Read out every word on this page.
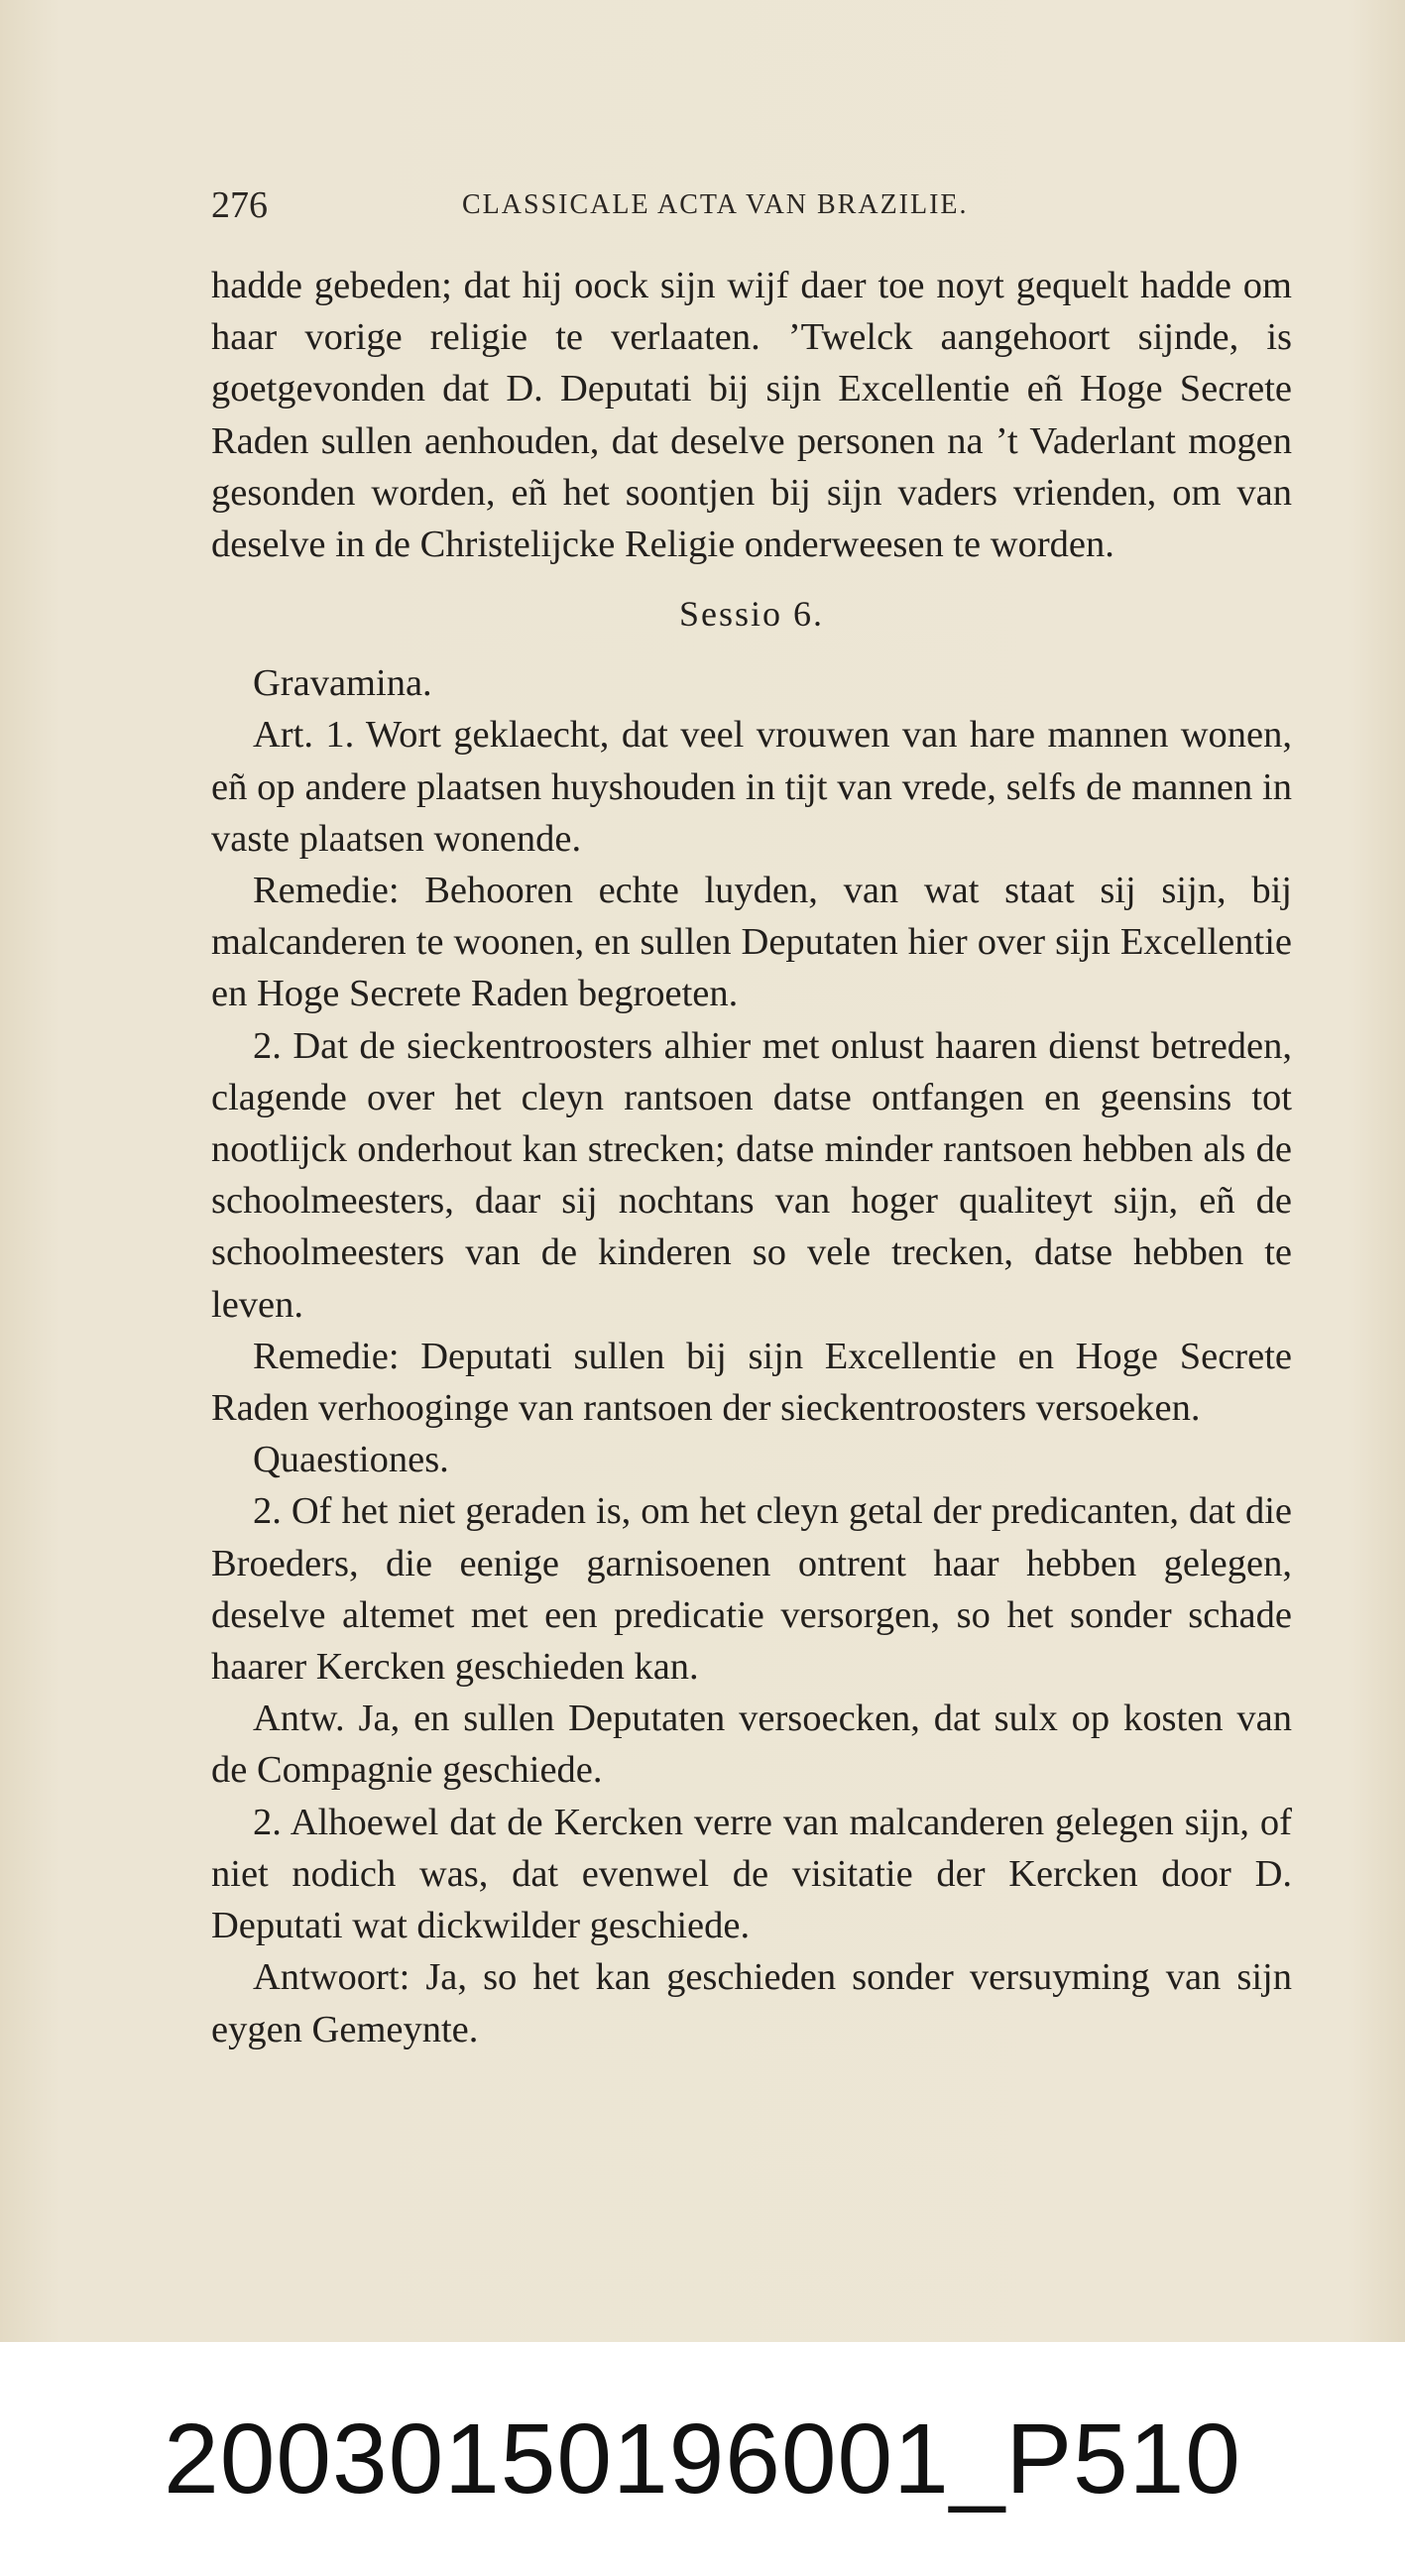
276	CLASSICALE ACTA VAN BRAZILIE.

hadde gebeden; dat hij oock sijn wijf daer toe noyt gequelt hadde om haar vorige religie te verlaaten. ’Twelck aangehoort sijnde, is goetgevonden dat D. Deputati bij sijn Excellentie eñ Hoge Secrete Raden sullen aenhouden, dat deselve personen na ’t Vaderlant mogen gesonden worden, eñ het soontjen bij sijn vaders vrienden, om van deselve in de Christelijcke Religie onderweesen te worden.

Sessio 6.

Gravamina.

Art. 1. Wort geklaecht, dat veel vrouwen van hare mannen wonen, eñ op andere plaatsen huyshouden in tijt van vrede, selfs de mannen in vaste plaatsen wonende.

Remedie: Behooren echte luyden, van wat staat sij sijn, bij malcanderen te woonen, en sullen Deputaten hier over sijn Excellentie en Hoge Secrete Raden begroeten.

2. Dat de sieckentroosters alhier met onlust haaren dienst betreden, clagende over het cleyn rantsoen datse ontfangen en geensins tot nootlijck onderhout kan strecken; datse minder rantsoen hebben als de schoolmeesters, daar sij nochtans van hoger qualiteyt sijn, eñ de schoolmeesters van de kinderen so vele trecken, datse hebben te leven.

Remedie: Deputati sullen bij sijn Excellentie en Hoge Secrete Raden verhooginge van rantsoen der sieckentroosters versoeken.

Quaestiones.

2. Of het niet geraden is, om het cleyn getal der predicanten, dat die Broeders, die eenige garnisoenen ontrent haar hebben gelegen, deselve altemet met een predicatie versorgen, so het sonder schade haarer Kercken geschieden kan.

Antw. Ja, en sullen Deputaten versoecken, dat sulx op kosten van de Compagnie geschiede.

2. Alhoewel dat de Kercken verre van malcanderen gelegen sijn, of niet nodich was, dat evenwel de visitatie der Kercken door D. Deputati wat dickwilder geschiede.

Antwoort: Ja, so het kan geschieden sonder versuyming van sijn eygen Gemeynte.

20030150196001_P510
